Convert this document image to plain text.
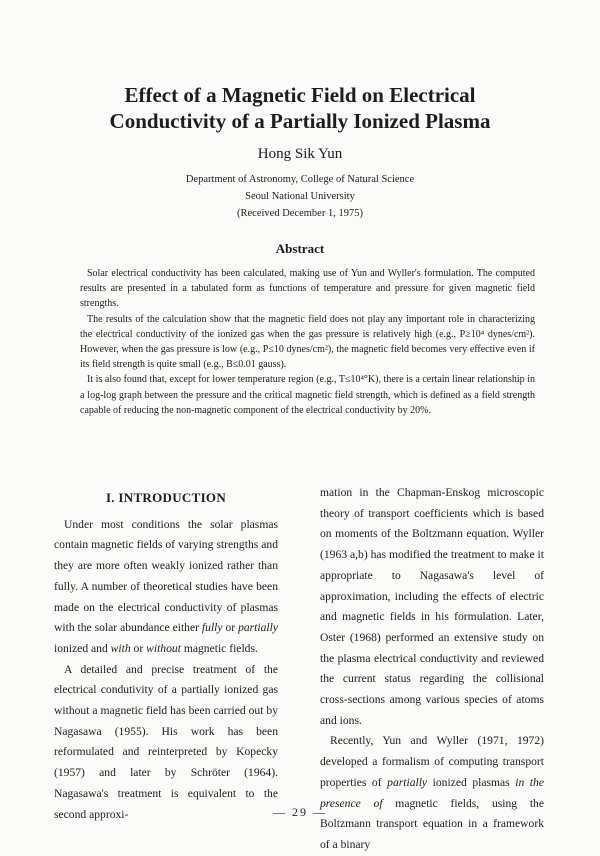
Effect of a Magnetic Field on Electrical
Conductivity of a Partially Ionized Plasma

Hong Sik Yun

Department of Astronomy, College of Natural Science
Seoul National University
(Received December 1, 1975)
Abstract

Solar electrical conductivity has been calculated, making use of Yun and Wyller's formulation. The computed results are presented in a tabulated form as functions of temperature and pressure for given magnetic field strengths.

The results of the calculation show that the magnetic field does not play any important role in characterizing the electrical conductivity of the ionized gas when the gas pressure is relatively high (e.g., P≥10⁴ dynes/cm²). However, when the gas pressure is low (e.g., P≤10 dynes/cm²), the magnetic field becomes very effective even if its field strength is quite small (e.g., B≤0.01 gauss).

It is also found that, except for lower temperature region (e.g., T≤10⁴°K), there is a certain linear relationship in a log-log graph between the pressure and the critical magnetic field strength, which is defined as a field strength capable of reducing the non-magnetic component of the electrical conductivity by 20%.

I. INTRODUCTION

Under most conditions the solar plasmas contain magnetic fields of varying strengths and they are more often weakly ionized rather than fully. A number of theoretical studies have been made on the electrical conductivity of plasmas with the solar abundance either fully or partially ionized and with or without magnetic fields.

A detailed and precise treatment of the electrical condutivity of a partially ionized gas without a magnetic field has been carried out by Nagasawa (1955). His work has been reformulated and reinterpreted by Kopecky (1957) and later by Schröter (1964). Nagasawa's treatment is equivalent to the second approxi-

mation in the Chapman-Enskog microscopic theory of transport coefficients which is based on moments of the Boltzmann equation. Wyller (1963 a,b) has modified the treatment to make it appropriate to Nagasawa's level of approximation, including the effects of electric and magnetic fields in his formulation. Later, Oster (1968) performed an extensive study on the plasma electrical conductivity and reviewed the current status regarding the collisional cross-sections among various species of atoms and ions.

Recently, Yun and Wyller (1971, 1972) developed a formalism of computing transport properties of partially ionized plasmas in the presence of magnetic fields, using the Boltzmann transport equation in a framework of a binary

— 29 —
